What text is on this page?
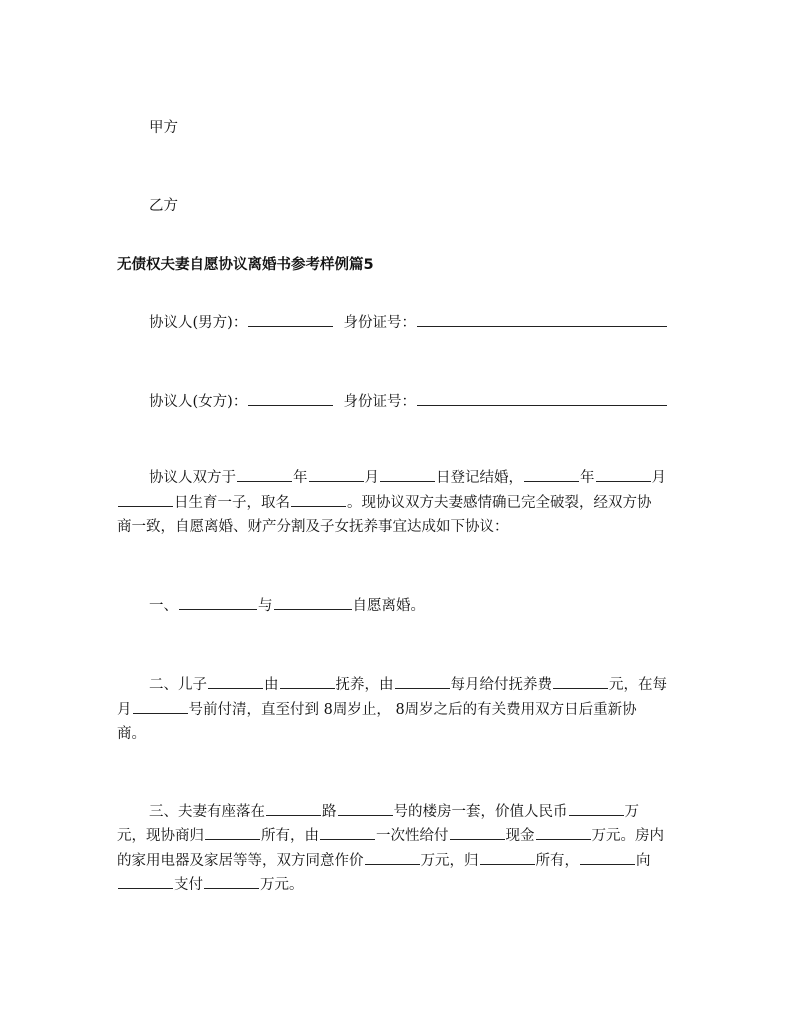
甲方
乙方
无债权夫妻自愿协议离婚书参考样例篇5
协议人(男方)：	身份证号：
协议人(女方)：	身份证号：
协议人双方于	年	月	日登记结婚，	年	月
日生育一子，取名	。现协议双方夫妻感情确已完全破裂，经双方协
商一致，自愿离婚、财产分割及子女抚养事宜达成如下协议：
一、	与	自愿离婚。
二、儿子	由	抚养，由	每月给付抚养费	元，在每
月	号前付清，直至付到 8周岁止， 8周岁之后的有关费用双方日后重新协
商。
三、夫妻有座落在	路	号的楼房一套，价值人民币	万
元，现协商归	所有，由	一次性给付	现金	万元。房内
的家用电器及家居等等，双方同意作价	万元，归	所有，	向
支付	万元。
